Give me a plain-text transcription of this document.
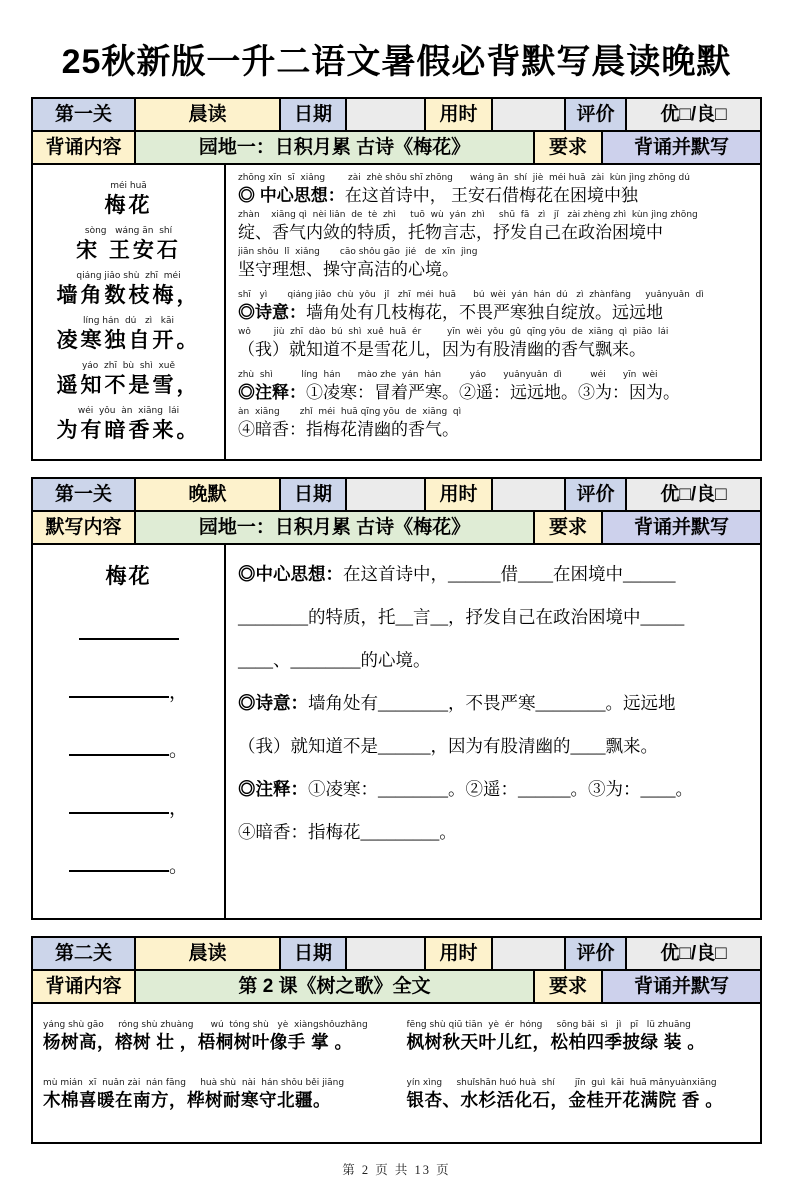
25秋新版一升二语文暑假必背默写晨读晚默
第一关	晨读	日期	用时	评价	优□/良□
背诵内容	园地一：日积月累 古诗《梅花》	要求	背诵并默写
méi huā
梅花
sòng   wáng ān  shí
宋 王安石
qiáng jiǎo shù  zhī  méi
墙角数枝梅，
líng hán  dú   zì   kāi
凌寒独自开。
yáo  zhī  bù  shì  xuě
遥知不是雪，
wéi  yǒu  àn  xiāng  lái
为有暗香来。
zhōng xīn  sī  xiǎng        zài  zhè shǒu shī zhōng      wáng ān  shí  jiè  méi huā  zài  kùn jìng zhōng dú
◎ 中心思想：在这首诗中， 王安石借梅花在困境中独
zhàn    xiāng qì  nèi liǎn  de  tè  zhì     tuō  wù  yán  zhì     shū  fā   zì   jǐ   zài zhèng zhì  kùn jìng zhōng
绽、香气内敛的特质，托物言志，抒发自己在政治困境中
jiān shǒu  lǐ  xiǎng       cāo shǒu gāo  jié   de  xīn  jìng
坚守理想、操守高洁的心境。
shī   yì       qiáng jiǎo  chù  yǒu   jǐ   zhī  méi  huā      bú  wèi  yán  hán  dú   zì  zhànfàng     yuǎnyuǎn  dì
◎诗意：墙角处有几枝梅花，不畏严寒独自绽放。远远地
wǒ        jiù  zhī  dào  bú  shì  xuě  huā  ér         yīn  wèi  yǒu  gǔ  qīng yōu  de  xiāng  qì  piāo  lái
（我）就知道不是雪花儿，因为有股清幽的香气飘来。
zhù  shì          líng  hán      mào zhe  yán  hán          yáo      yuǎnyuǎn  dì          wéi      yīn  wèi
◎注释：①凌寒：冒着严寒。②遥：远远地。③为：因为。
àn  xiāng       zhǐ  méi  huā qīng yōu  de  xiāng  qì
④暗香：指梅花清幽的香气。
第一关	晚默	日期	用时	评价	优□/良□
默写内容	园地一：日积月累 古诗《梅花》	要求	背诵并默写
梅花
，
。
，
。
◎中心思想：在这首诗中，______借____在困境中______
________的特质，托__言__，抒发自己在政治困境中_____
____、________的心境。
◎诗意：墙角处有________，不畏严寒________。远远地
（我）就知道不是______，因为有股清幽的____飘来。
◎注释：①凌寒：________。②遥：______。③为：____。
④暗香：指梅花_________。
第二关	晨读	日期	用时	评价	优□/良□
背诵内容	第 2 课《树之歌》全文	要求	背诵并默写
yáng shù gāo     róng shù zhuàng      wú  tóng shù   yè  xiàngshǒuzhǎng
杨树高，榕树 壮 ，梧桐树叶像手 掌 。
mù mián  xī  nuǎn zài  nán fāng     huà shù  nài  hán shǒu běi jiāng
木棉喜暖在南方，桦树耐寒守北疆。
fēng shù qiū tiān  yè  ér  hóng     sōng bǎi  sì   jì   pī   lǜ zhuāng
枫树秋天叶儿红，松柏四季披绿 装 。
yín xìng     shuǐshān huó huà  shí       jīn  guì  kāi  huā mǎnyuànxiāng
银杏、水杉活化石，金桂开花满院 香 。
第 2 页 共 13 页
